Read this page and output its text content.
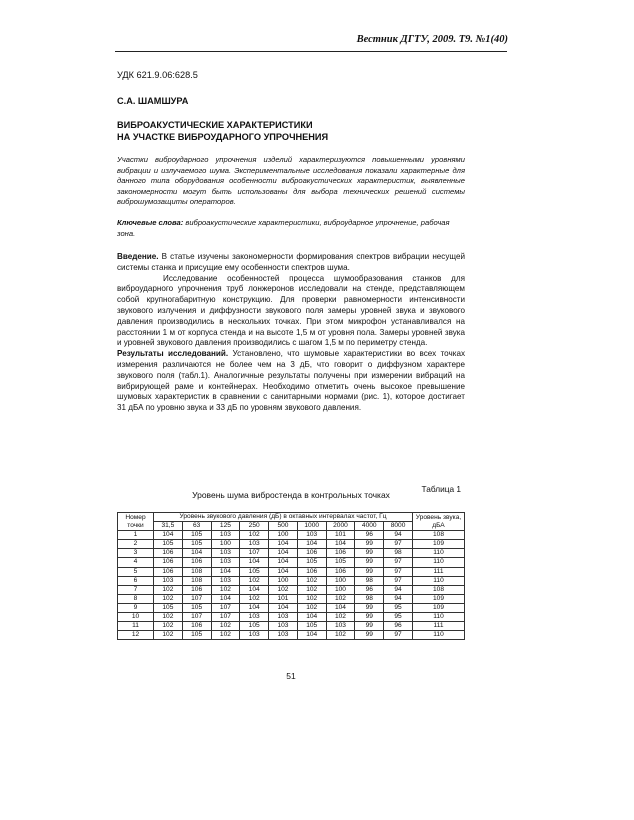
Вестник ДГТУ, 2009. Т9. №1(40)
УДК 621.9.06:628.5
С.А. ШАМШУРА
ВИБРОАКУСТИЧЕСКИЕ ХАРАКТЕРИСТИКИ
НА УЧАСТКЕ ВИБРОУДАРНОГО УПРОЧНЕНИЯ
Участки виброударного упрочнения изделий характеризуются повышенными уровнями вибрации и излучаемого шума. Экспериментальные исследования показали характерные для данного типа оборудования особенности виброакустических характеристик, выявленные закономерности могут быть использованы для выбора технических решений системы виброшумозащиты операторов.
Ключевые слова: виброакустические характеристики, виброударное упрочнение, рабочая зона.

Введение. В статье изучены закономерности формирования спектров вибрации несущей системы станка и присущие ему особенности спектров шума.

Исследование особенностей процесса шумообразования станков для виброударного упрочнения труб лонжеронов исследовали на стенде, представляющем собой крупногабаритную конструкцию. Для проверки равномерности интенсивности звукового излучения и диффузности звукового поля замеры уровней звука и звукового давления производились в нескольких точках. При этом микрофон устанавливался на расстоянии 1 м от корпуса стенда и на высоте 1,5 м от уровня пола. Замеры уровней звука и уровней звукового давления производились с шагом 1,5 м по периметру стенда.

Результаты исследований. Установлено, что шумовые характеристики во всех точках измерения различаются не более чем на 3 дБ, что говорит о диффузном характере звукового поля (табл.1). Аналогичные результаты получены при измерении вибраций на вибрирующей раме и контейнерах. Необходимо отметить очень высокое превышение шумовых характеристик в сравнении с санитарными нормами (рис. 1), которое достигает 31 дБА по уровню звука и 33 дБ по уровням звукового давления.

Таблица 1
Уровень шума вибростенда в контрольных точках
Номер точки	Уровень звукового давления (дБ) в октавных интервалах частот, Гц									Уровень звука, дБА
	31,5	63	125	250	500	1000	2000	4000	8000	
1	104	105	103	102	100	103	101	96	94	108
2	105	105	100	103	104	104	104	99	97	109
3	106	104	103	107	104	106	106	99	98	110
4	106	106	103	104	104	105	105	99	97	110
5	106	108	104	105	104	106	106	99	97	111
6	103	108	103	102	100	102	100	98	97	110
7	102	106	102	104	102	102	100	96	94	108
8	102	107	104	102	101	102	102	98	94	109
9	105	105	107	104	104	102	104	99	95	109
10	102	107	107	103	103	104	102	99	95	110
11	102	106	102	105	103	105	103	99	96	111
12	102	105	102	103	103	104	102	99	97	110
51
